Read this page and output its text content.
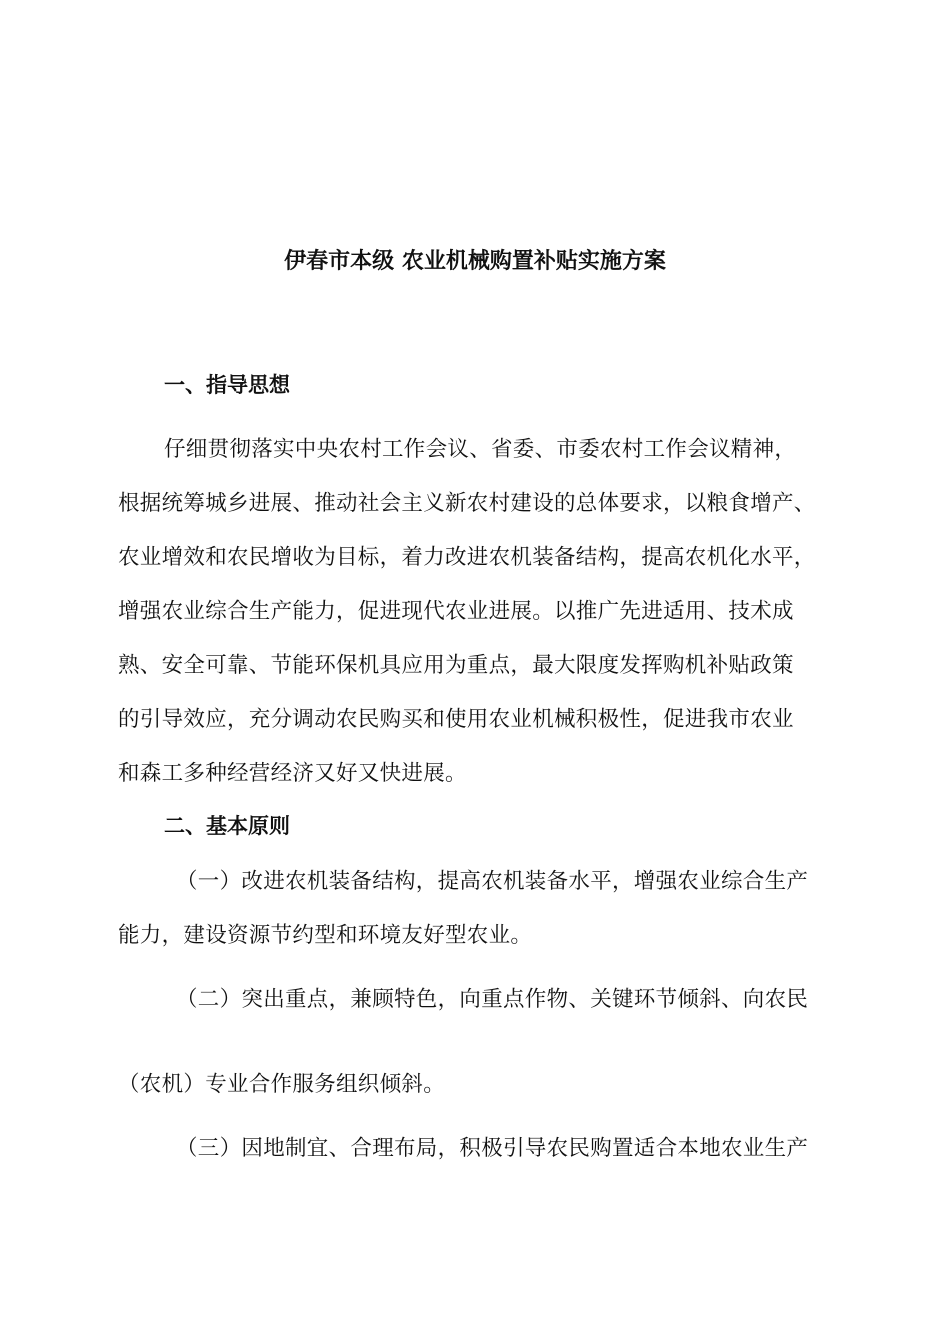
伊春市本级 农业机械购置补贴实施方案
一、指导思想
仔细贯彻落实中央农村工作会议、省委、市委农村工作会议精神，
根据统筹城乡进展、推动社会主义新农村建设的总体要求，以粮食增产、
农业增效和农民增收为目标，着力改进农机装备结构，提高农机化水平，
增强农业综合生产能力，促进现代农业进展。以推广先进适用、技术成
熟、安全可靠、节能环保机具应用为重点，最大限度发挥购机补贴政策
的引导效应，充分调动农民购买和使用农业机械积极性，促进我市农业
和森工多种经营经济又好又快进展。
二、基本原则
（一）改进农机装备结构，提高农机装备水平，增强农业综合生产
能力，建设资源节约型和环境友好型农业。
（二）突出重点，兼顾特色，向重点作物、关键环节倾斜、向农民
（农机）专业合作服务组织倾斜。
（三）因地制宜、合理布局，积极引导农民购置适合本地农业生产
